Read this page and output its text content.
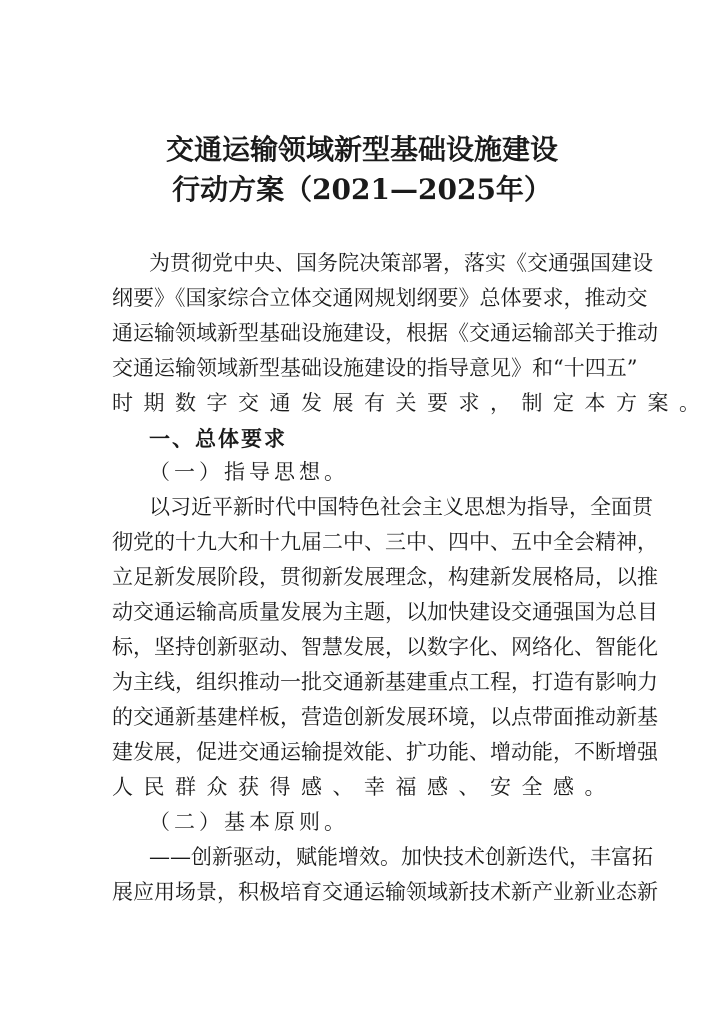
交通运输领域新型基础设施建设
行动方案（2021—2025年）
为贯彻党中央、国务院决策部署，落实《交通强国建设
纲要》《国家综合立体交通网规划纲要》总体要求，推动交
通运输领域新型基础设施建设，根据《交通运输部关于推动
交通运输领域新型基础设施建设的指导意见》和“十四五”
时期数字交通发展有关要求，制定本方案。
一、总体要求
（一）指导思想。
以习近平新时代中国特色社会主义思想为指导，全面贯
彻党的十九大和十九届二中、三中、四中、五中全会精神，
立足新发展阶段，贯彻新发展理念，构建新发展格局，以推
动交通运输高质量发展为主题，以加快建设交通强国为总目
标，坚持创新驱动、智慧发展，以数字化、网络化、智能化
为主线，组织推动一批交通新基建重点工程，打造有影响力
的交通新基建样板，营造创新发展环境，以点带面推动新基
建发展，促进交通运输提效能、扩功能、增动能，不断增强
人民群众获得感、幸福感、安全感。
（二）基本原则。
——创新驱动，赋能增效。加快技术创新迭代，丰富拓
展应用场景，积极培育交通运输领域新技术新产业新业态新
